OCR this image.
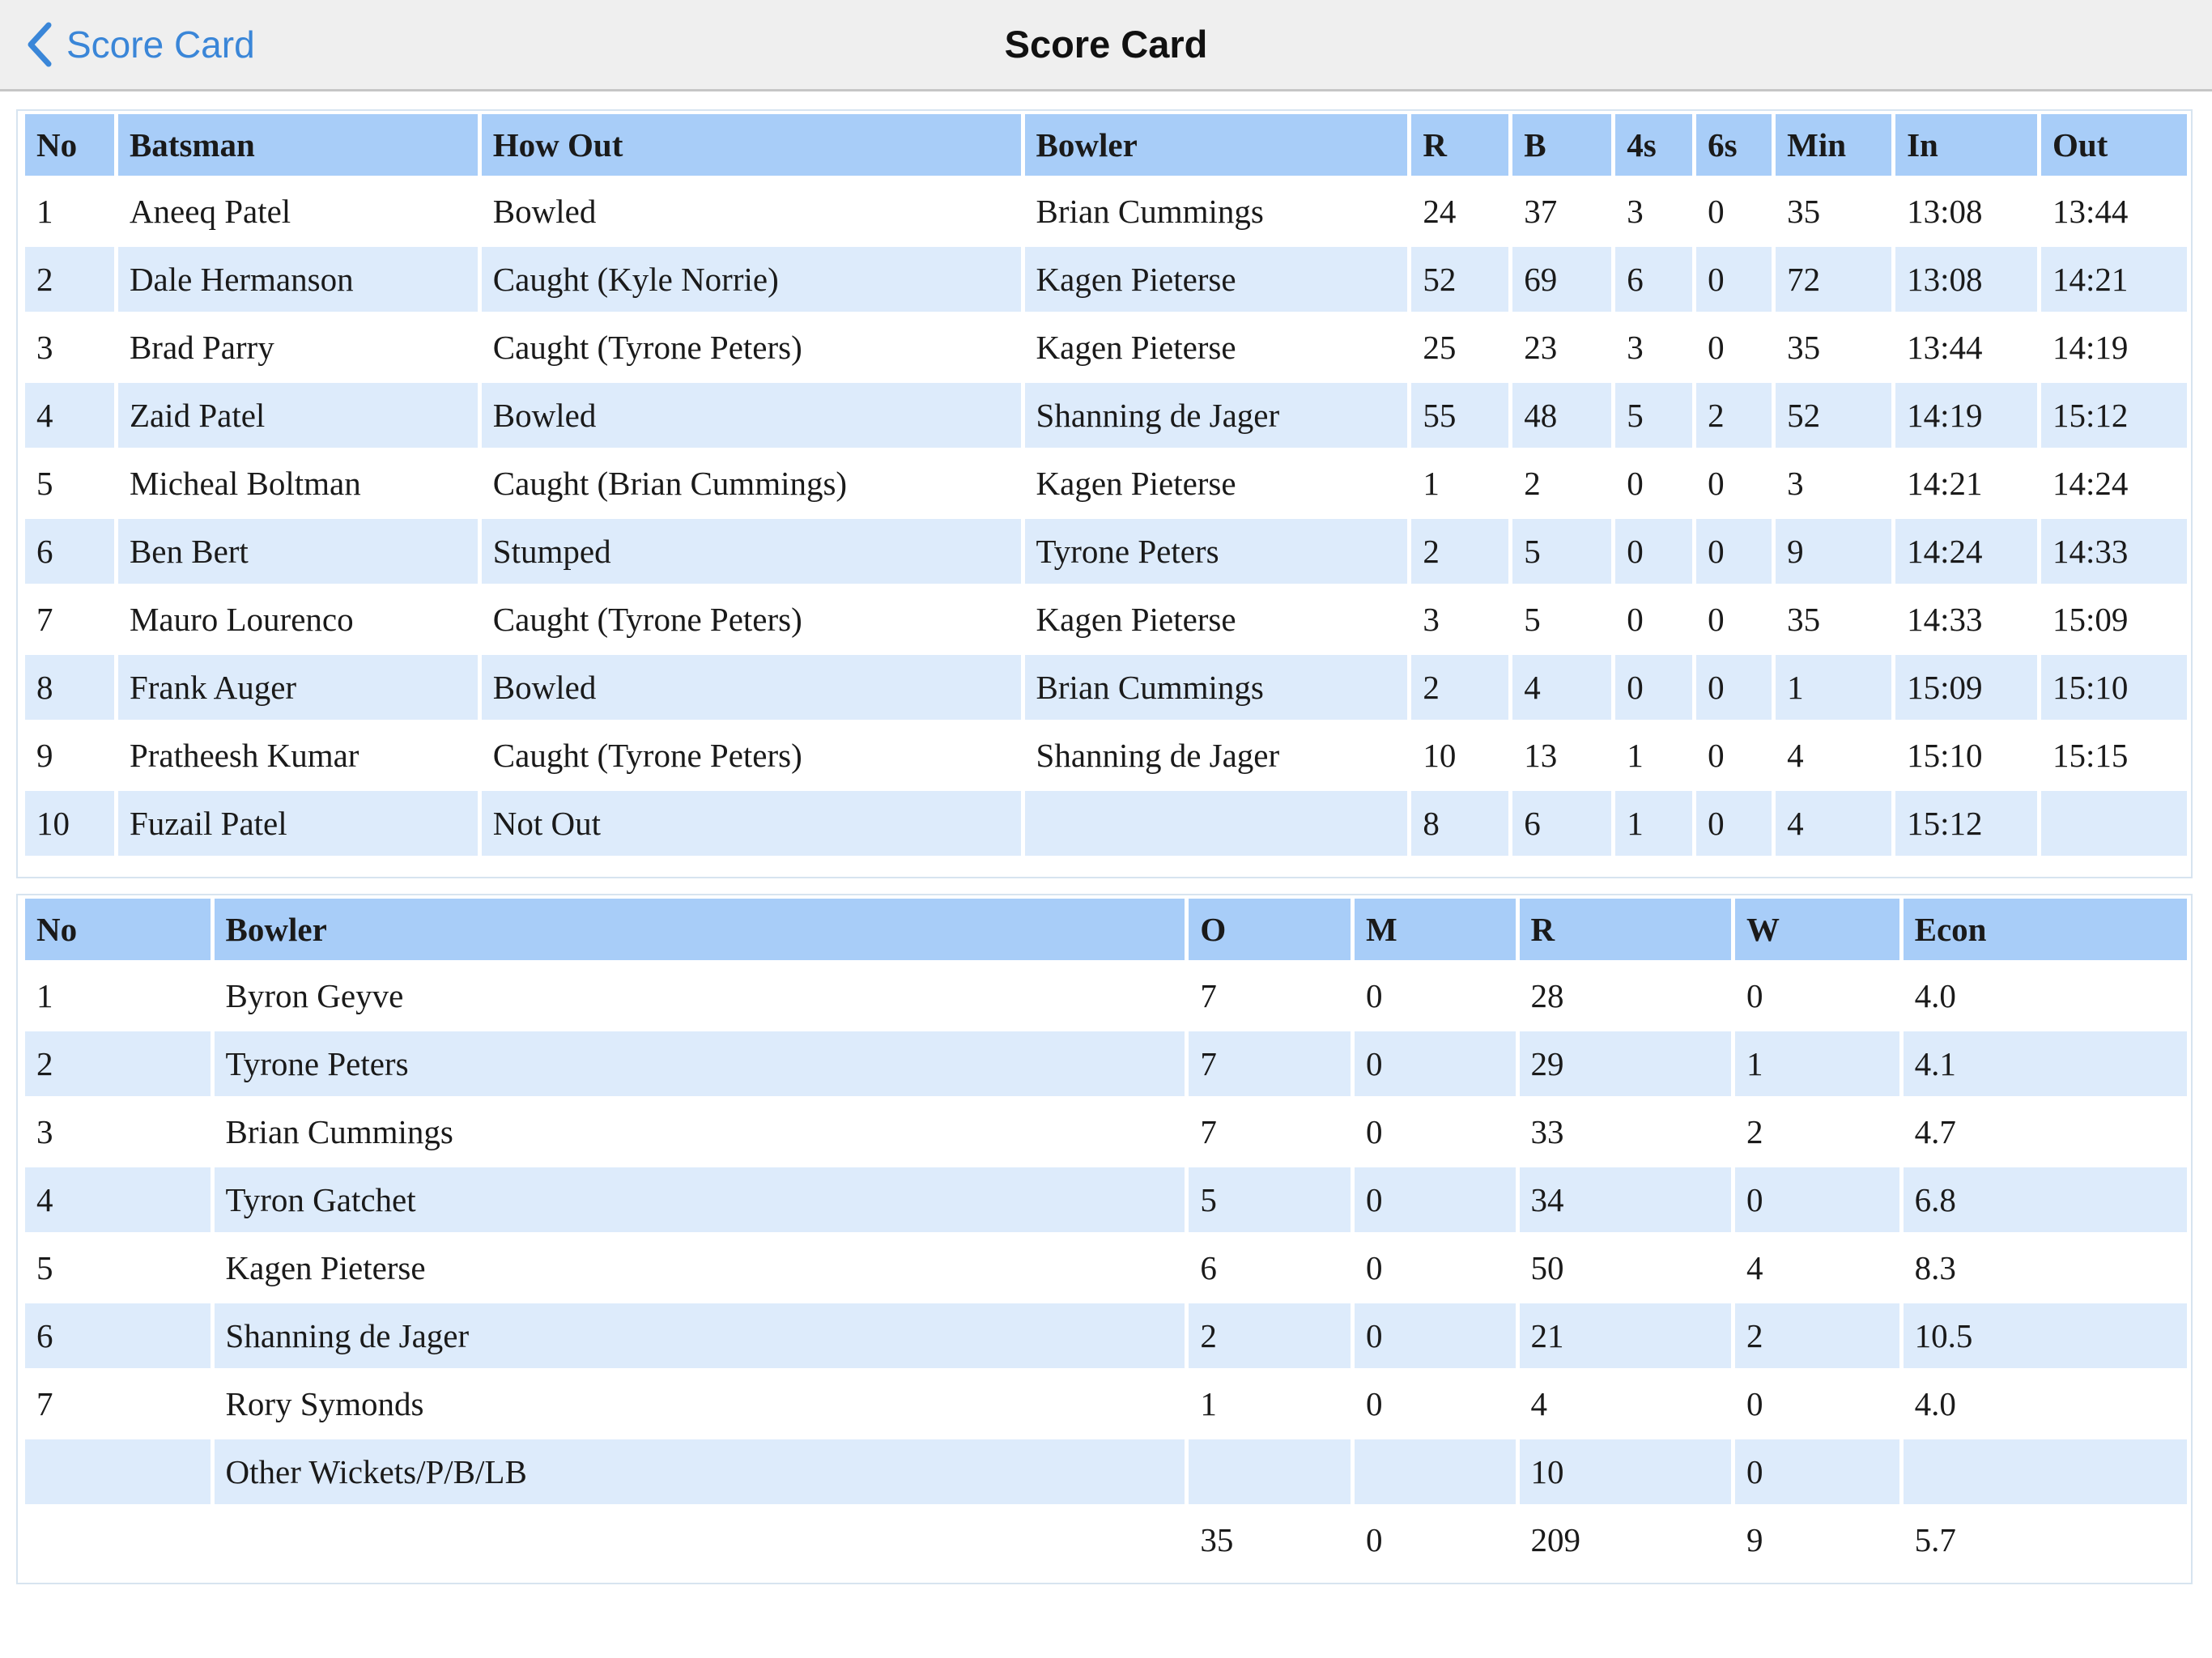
Score Card	Score Card
No	Batsman	How Out	Bowler	R	B	4s	6s	Min	In	Out
1	Aneeq Patel	Bowled	Brian Cummings	24	37	3	0	35	13:08	13:44
2	Dale Hermanson	Caught (Kyle Norrie)	Kagen Pieterse	52	69	6	0	72	13:08	14:21
3	Brad Parry	Caught (Tyrone Peters)	Kagen Pieterse	25	23	3	0	35	13:44	14:19
4	Zaid Patel	Bowled	Shanning de Jager	55	48	5	2	52	14:19	15:12
5	Micheal Boltman	Caught (Brian Cummings)	Kagen Pieterse	1	2	0	0	3	14:21	14:24
6	Ben Bert	Stumped	Tyrone Peters	2	5	0	0	9	14:24	14:33
7	Mauro Lourenco	Caught (Tyrone Peters)	Kagen Pieterse	3	5	0	0	35	14:33	15:09
8	Frank Auger	Bowled	Brian Cummings	2	4	0	0	1	15:09	15:10
9	Pratheesh Kumar	Caught (Tyrone Peters)	Shanning de Jager	10	13	1	0	4	15:10	15:15
10	Fuzail Patel	Not Out		8	6	1	0	4	15:12	
No	Bowler	O	M	R	W	Econ
1	Byron Geyve	7	0	28	0	4.0
2	Tyrone Peters	7	0	29	1	4.1
3	Brian Cummings	7	0	33	2	4.7
4	Tyron Gatchet	5	0	34	0	6.8
5	Kagen Pieterse	6	0	50	4	8.3
6	Shanning de Jager	2	0	21	2	10.5
7	Rory Symonds	1	0	4	0	4.0
	Other Wickets/P/B/LB			10	0	
		35	0	209	9	5.7
